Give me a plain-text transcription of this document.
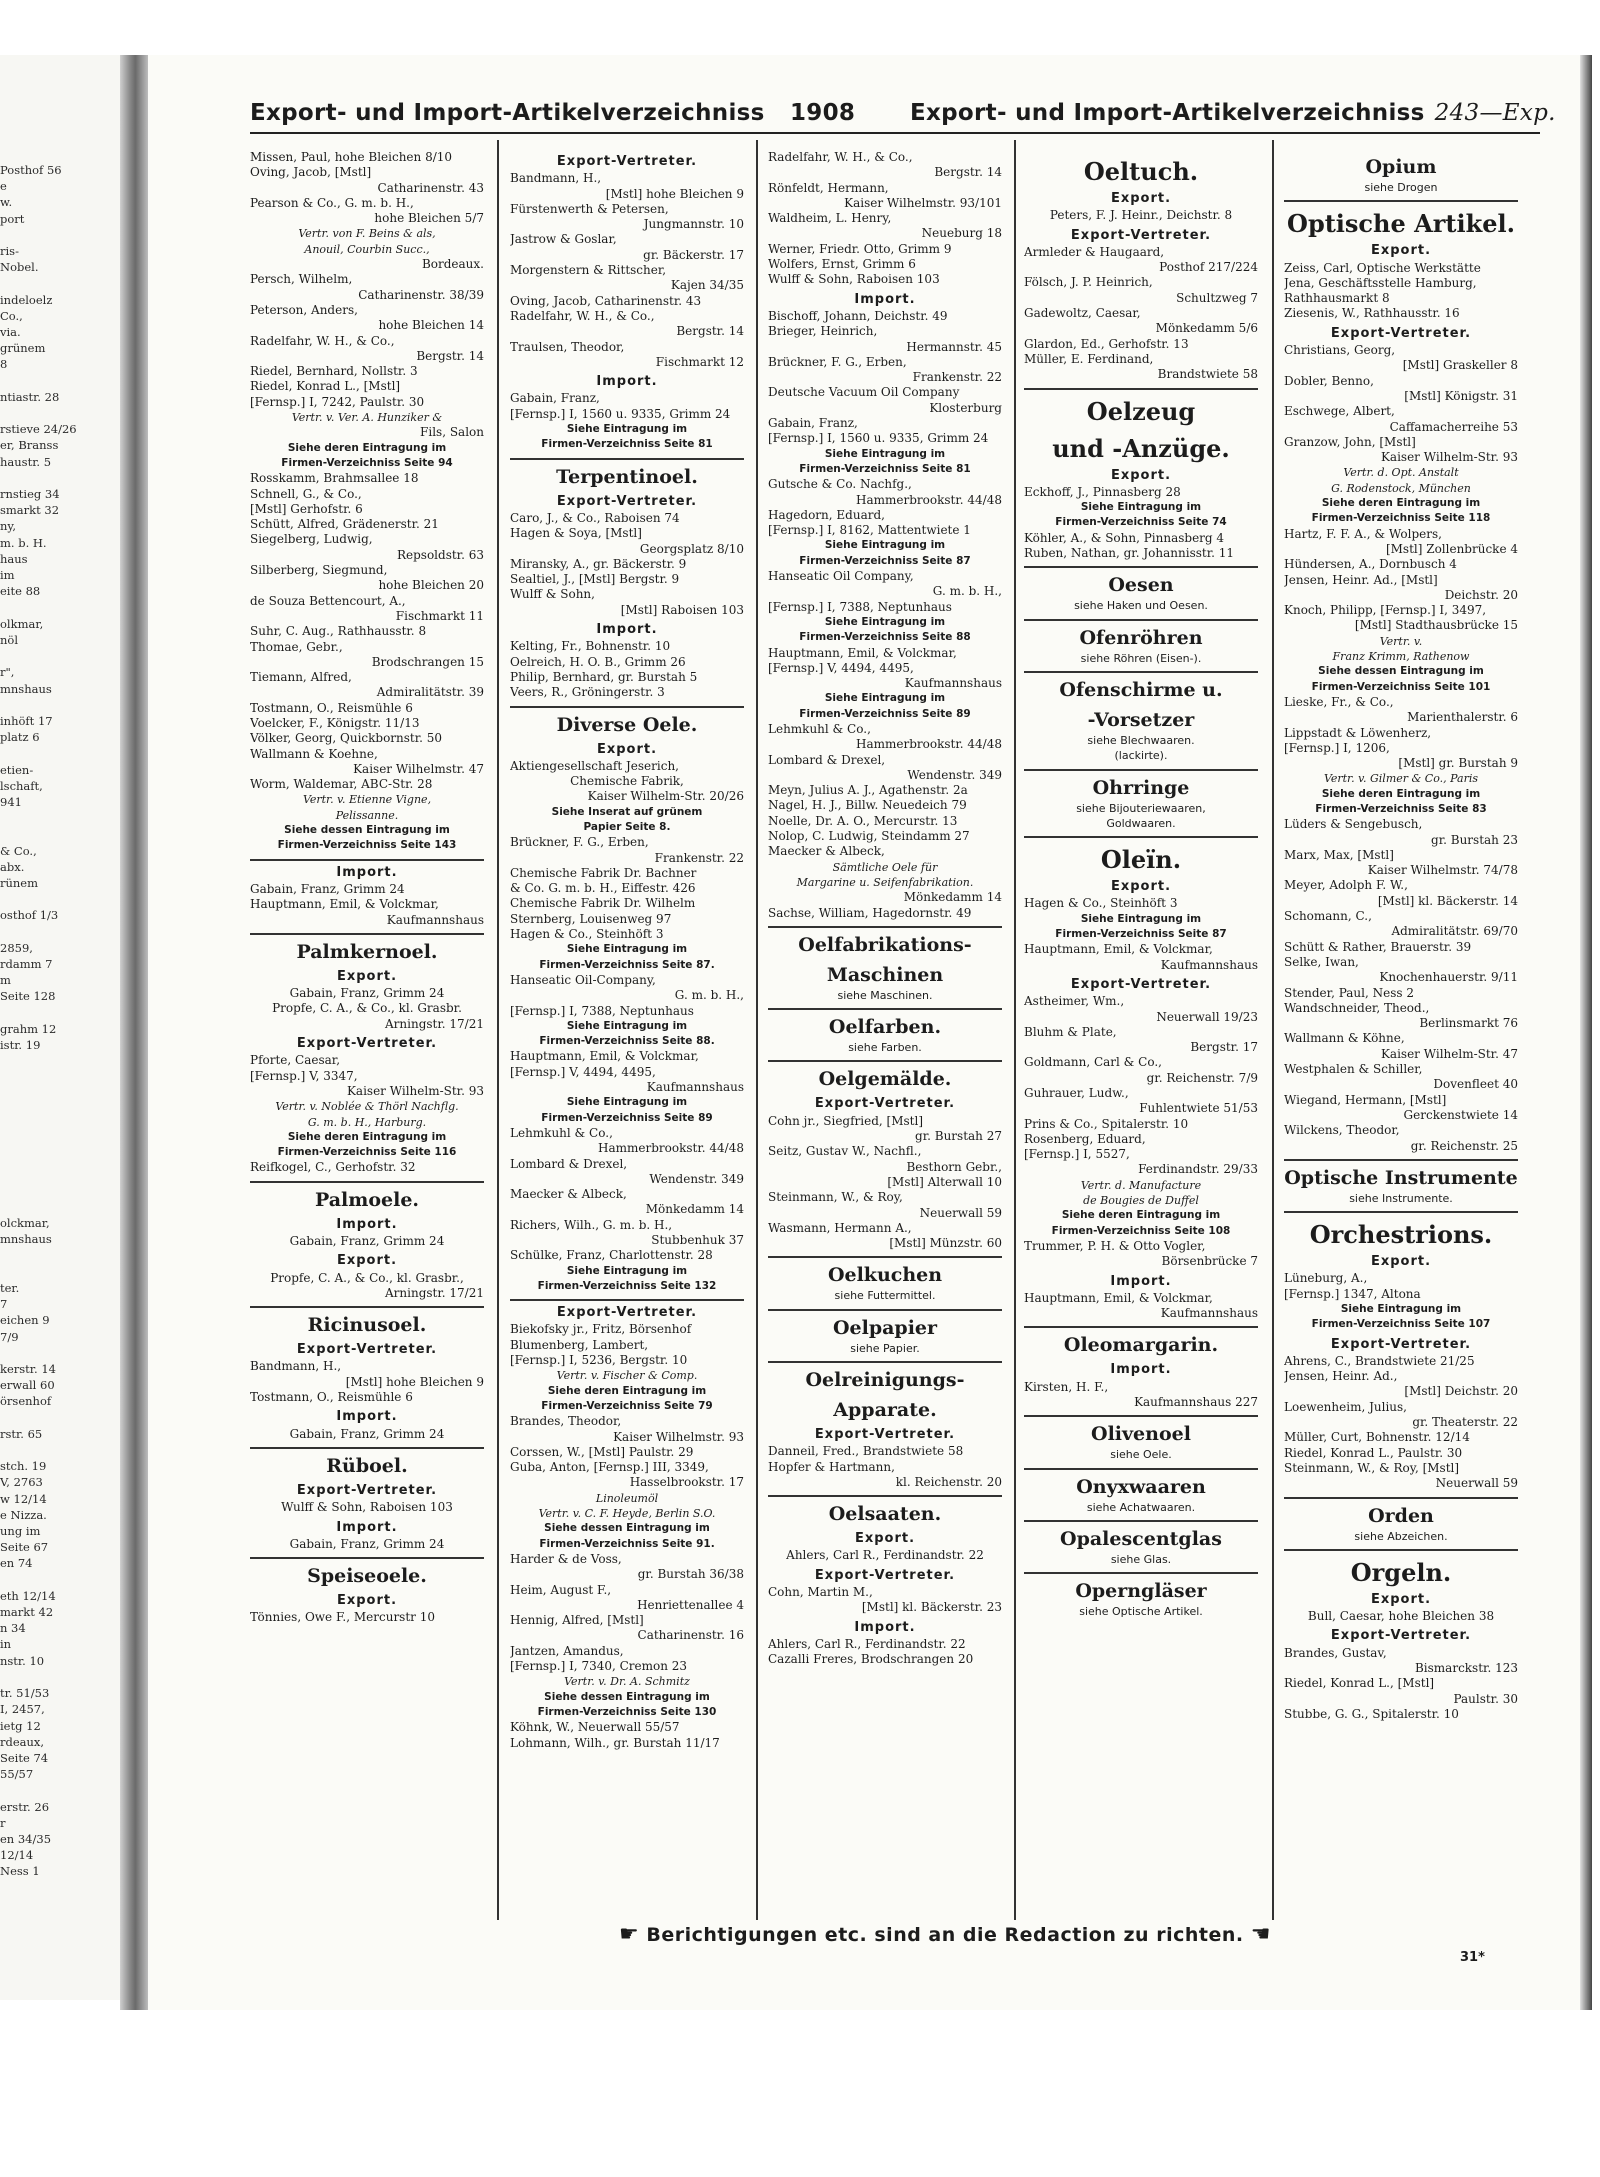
Posthof 56
e
w.
port

ris-
Nobel.

indeloelz
Co.,
via.
grünem
8

ntiastr. 28

rstieve 24/26
er, Branss
haustr. 5

rnstieg 34
smarkt 32
ny,
m. b. H.
haus
im
eite 88

olkmar,
nöl

r",
mnshaus

inhöft 17
platz 6

etien-
lschaft,
941

& Co.,
abx.
rünem

osthof 1/3

2859,
rdamm 7
m
Seite 128

grahm 12
istr. 19

olckmar,
mnshaus

ter.
7
eichen 9
7/9

kerstr. 14
erwall 60
örsenhof

rstr. 65

stch. 19
V, 2763
w 12/14
e Nizza.
ung im
Seite 67
en 74

eth 12/14
markt 42
n 34
in
nstr. 10

tr. 51/53
I, 2457,
ietg 12
rdeaux,
Seite 74
55/57

erstr. 26
r
en 34/35
12/14
Ness 1
Export- und Import-Artikelverzeichniss 1908 Export- und Import-Artikelverzeichniss 243—Exp.
Missen, Paul, hohe Bleichen 8/10
Oving, Jacob, [Mstl]
Catharinenstr. 43
Pearson & Co., G. m. b. H.,
hohe Bleichen 5/7
Vertr. von F. Beins & als,
Anouil, Courbin Succ.,
Bordeaux.
Persch, Wilhelm,
Catharinenstr. 38/39
Peterson, Anders,
hohe Bleichen 14
Radelfahr, W. H., & Co.,
Bergstr. 14
Riedel, Bernhard, Nollstr. 3
Riedel, Konrad L., [Mstl]
[Fernsp.] I, 7242, Paulstr. 30
Vertr. v. Ver. A. Hunziker &
Fils, Salon
Siehe deren Eintragung im
Firmen-Verzeichniss Seite 94
Rosskamm, Brahmsallee 18
Schnell, G., & Co.,
[Mstl] Gerhofstr. 6
Schütt, Alfred, Grädenerstr. 21
Siegelberg, Ludwig,
Repsoldstr. 63
Silberberg, Siegmund,
hohe Bleichen 20
de Souza Bettencourt, A.,
Fischmarkt 11
Suhr, C. Aug., Rathhausstr. 8
Thomae, Gebr.,
Brodschrangen 15
Tiemann, Alfred,
Admiralitätstr. 39
Tostmann, O., Reismühle 6
Voelcker, F., Königstr. 11/13
Völker, Georg, Quickbornstr. 50
Wallmann & Koehne,
Kaiser Wilhelmstr. 47
Worm, Waldemar, ABC-Str. 28
Vertr. v. Etienne Vigne,
Pelissanne.
Siehe dessen Eintragung im
Firmen-Verzeichniss Seite 143
Import.
Gabain, Franz, Grimm 24
Hauptmann, Emil, & Volckmar,
Kaufmannshaus
Palmkernoel.
Export.
Gabain, Franz, Grimm 24
Propfe, C. A., & Co., kl. Grasbr.
Arningstr. 17/21
Export-Vertreter.
Pforte, Caesar,
[Fernsp.] V, 3347,
Kaiser Wilhelm-Str. 93
Vertr. v. Noblée & Thörl Nachflg.
G. m. b. H., Harburg.
Siehe deren Eintragung im
Firmen-Verzeichniss Seite 116
Reifkogel, C., Gerhofstr. 32
Palmoele.
Import.
Gabain, Franz, Grimm 24
Export.
Propfe, C. A., & Co., kl. Grasbr.,
Arningstr. 17/21
Ricinusoel.
Export-Vertreter.
Bandmann, H.,
[Mstl] hohe Bleichen 9
Tostmann, O., Reismühle 6
Import.
Gabain, Franz, Grimm 24
Rüboel.
Export-Vertreter.
Wulff & Sohn, Raboisen 103
Import.
Gabain, Franz, Grimm 24
Speiseoele.
Export.
Tönnies, Owe F., Mercurstr 10
Export-Vertreter.
Bandmann, H.,
[Mstl] hohe Bleichen 9
Fürstenwerth & Petersen,
Jungmannstr. 10
Jastrow & Goslar,
gr. Bäckerstr. 17
Morgenstern & Rittscher,
Kajen 34/35
Oving, Jacob, Catharinenstr. 43
Radelfahr, W. H., & Co.,
Bergstr. 14
Traulsen, Theodor,
Fischmarkt 12
Import.
Gabain, Franz,
[Fernsp.] I, 1560 u. 9335, Grimm 24
Siehe Eintragung im
Firmen-Verzeichniss Seite 81
Terpentinoel.
Export-Vertreter.
Caro, J., & Co., Raboisen 74
Hagen & Soya, [Mstl]
Georgsplatz 8/10
Miransky, A., gr. Bäckerstr. 9
Sealtiel, J., [Mstl] Bergstr. 9
Wulff & Sohn,
[Mstl] Raboisen 103
Import.
Kelting, Fr., Bohnenstr. 10
Oelreich, H. O. B., Grimm 26
Philip, Bernhard, gr. Burstah 5
Veers, R., Gröningerstr. 3
Diverse Oele.
Export.
Aktiengesellschaft Jeserich,
Chemische Fabrik,
Kaiser Wilhelm-Str. 20/26
Siehe Inserat auf grünem
Papier Seite 8.
Brückner, F. G., Erben,
Frankenstr. 22
Chemische Fabrik Dr. Bachner
& Co. G. m. b. H., Eiffestr. 426
Chemische Fabrik Dr. Wilhelm
Sternberg, Louisenweg 97
Hagen & Co., Steinhöft 3
Siehe Eintragung im
Firmen-Verzeichniss Seite 87.
Hanseatic Oil-Company,
G. m. b. H.,
[Fernsp.] I, 7388, Neptunhaus
Siehe Eintragung im
Firmen-Verzeichniss Seite 88.
Hauptmann, Emil, & Volckmar,
[Fernsp.] V, 4494, 4495,
Kaufmannshaus
Siehe Eintragung im
Firmen-Verzeichniss Seite 89
Lehmkuhl & Co.,
Hammerbrookstr. 44/48
Lombard & Drexel,
Wendenstr. 349
Maecker & Albeck,
Mönkedamm 14
Richers, Wilh., G. m. b. H.,
Stubbenhuk 37
Schülke, Franz, Charlottenstr. 28
Siehe Eintragung im
Firmen-Verzeichniss Seite 132
Export-Vertreter.
Biekofsky jr., Fritz, Börsenhof
Blumenberg, Lambert,
[Fernsp.] I, 5236, Bergstr. 10
Vertr. v. Fischer & Comp.
Siehe deren Eintragung im
Firmen-Verzeichniss Seite 79
Brandes, Theodor,
Kaiser Wilhelmstr. 93
Corssen, W., [Mstl] Paulstr. 29
Guba, Anton, [Fernsp.] III, 3349,
Hasselbrookstr. 17
Linoleumöl
Vertr. v. C. F. Heyde, Berlin S.O.
Siehe dessen Eintragung im
Firmen-Verzeichniss Seite 91.
Harder & de Voss,
gr. Burstah 36/38
Heim, August F.,
Henriettenallee 4
Hennig, Alfred, [Mstl]
Catharinenstr. 16
Jantzen, Amandus,
[Fernsp.] I, 7340, Cremon 23
Vertr. v. Dr. A. Schmitz
Siehe dessen Eintragung im
Firmen-Verzeichniss Seite 130
Köhnk, W., Neuerwall 55/57
Lohmann, Wilh., gr. Burstah 11/17
Radelfahr, W. H., & Co.,
Bergstr. 14
Rönfeldt, Hermann,
Kaiser Wilhelmstr. 93/101
Waldheim, L. Henry,
Neueburg 18
Werner, Friedr. Otto, Grimm 9
Wolfers, Ernst, Grimm 6
Wulff & Sohn, Raboisen 103
Import.
Bischoff, Johann, Deichstr. 49
Brieger, Heinrich,
Hermannstr. 45
Brückner, F. G., Erben,
Frankenstr. 22
Deutsche Vacuum Oil Company
Klosterburg
Gabain, Franz,
[Fernsp.] I, 1560 u. 9335, Grimm 24
Siehe Eintragung im
Firmen-Verzeichniss Seite 81
Gutsche & Co. Nachfg.,
Hammerbrookstr. 44/48
Hagedorn, Eduard,
[Fernsp.] I, 8162, Mattentwiete 1
Siehe Eintragung im
Firmen-Verzeichniss Seite 87
Hanseatic Oil Company,
G. m. b. H.,
[Fernsp.] I, 7388, Neptunhaus
Siehe Eintragung im
Firmen-Verzeichniss Seite 88
Hauptmann, Emil, & Volckmar,
[Fernsp.] V, 4494, 4495,
Kaufmannshaus
Siehe Eintragung im
Firmen-Verzeichniss Seite 89
Lehmkuhl & Co.,
Hammerbrookstr. 44/48
Lombard & Drexel,
Wendenstr. 349
Meyn, Julius A. J., Agathenstr. 2a
Nagel, H. J., Billw. Neuedeich 79
Noelle, Dr. A. O., Mercurstr. 13
Nolop, C. Ludwig, Steindamm 27
Maecker & Albeck,
Sämtliche Oele für
Margarine u. Seifenfabrikation.
Mönkedamm 14
Sachse, William, Hagedornstr. 49
Oelfabrikations-
Maschinen
siehe Maschinen.
Oelfarben.
siehe Farben.
Oelgemälde.
Export-Vertreter.
Cohn jr., Siegfried, [Mstl]
gr. Burstah 27
Seitz, Gustav W., Nachfl.,
Besthorn Gebr.,
[Mstl] Alterwall 10
Steinmann, W., & Roy,
Neuerwall 59
Wasmann, Hermann A.,
[Mstl] Münzstr. 60
Oelkuchen
siehe Futtermittel.
Oelpapier
siehe Papier.
Oelreinigungs-
Apparate.
Export-Vertreter.
Danneil, Fred., Brandstwiete 58
Hopfer & Hartmann,
kl. Reichenstr. 20
Oelsaaten.
Export.
Ahlers, Carl R., Ferdinandstr. 22
Export-Vertreter.
Cohn, Martin M.,
[Mstl] kl. Bäckerstr. 23
Import.
Ahlers, Carl R., Ferdinandstr. 22
Cazalli Freres, Brodschrangen 20
Oeltuch.
Export.
Peters, F. J. Heinr., Deichstr. 8
Export-Vertreter.
Armleder & Haugaard,
Posthof 217/224
Fölsch, J. P. Heinrich,
Schultzweg 7
Gadewoltz, Caesar,
Mönkedamm 5/6
Glardon, Ed., Gerhofstr. 13
Müller, E. Ferdinand,
Brandstwiete 58
Oelzeug
und -Anzüge.
Export.
Eckhoff, J., Pinnasberg 28
Siehe Eintragung im
Firmen-Verzeichniss Seite 74
Köhler, A., & Sohn, Pinnasberg 4
Ruben, Nathan, gr. Johannisstr. 11
Oesen
siehe Haken und Oesen.
Ofenröhren
siehe Röhren (Eisen-).
Ofenschirme u.
-Vorsetzer
siehe Blechwaaren.
(lackirte).
Ohrringe
siehe Bijouteriewaaren,
Goldwaaren.
Oleïn.
Export.
Hagen & Co., Steinhöft 3
Siehe Eintragung im
Firmen-Verzeichniss Seite 87
Hauptmann, Emil, & Volckmar,
Kaufmannshaus
Export-Vertreter.
Astheimer, Wm.,
Neuerwall 19/23
Bluhm & Plate,
Bergstr. 17
Goldmann, Carl & Co.,
gr. Reichenstr. 7/9
Guhrauer, Ludw.,
Fuhlentwiete 51/53
Prins & Co., Spitalerstr. 10
Rosenberg, Eduard,
[Fernsp.] I, 5527,
Ferdinandstr. 29/33
Vertr. d. Manufacture
de Bougies de Duffel
Siehe deren Eintragung im
Firmen-Verzeichniss Seite 108
Trummer, P. H. & Otto Vogler,
Börsenbrücke 7
Import.
Hauptmann, Emil, & Volckmar,
Kaufmannshaus
Oleomargarin.
Import.
Kirsten, H. F.,
Kaufmannshaus 227
Olivenoel
siehe Oele.
Onyxwaaren
siehe Achatwaaren.
Opalescentglas
siehe Glas.
Operngläser
siehe Optische Artikel.
Opium
siehe Drogen
Optische Artikel.
Export.
Zeiss, Carl, Optische Werkstätte
Jena, Geschäftsstelle Hamburg,
Rathhausmarkt 8
Ziesenis, W., Rathhausstr. 16
Export-Vertreter.
Christians, Georg,
[Mstl] Graskeller 8
Dobler, Benno,
[Mstl] Königstr. 31
Eschwege, Albert,
Caffamacherreihe 53
Granzow, John, [Mstl]
Kaiser Wilhelm-Str. 93
Vertr. d. Opt. Anstalt
G. Rodenstock, München
Siehe deren Eintragung im
Firmen-Verzeichniss Seite 118
Hartz, F. F. A., & Wolpers,
[Mstl] Zollenbrücke 4
Hündersen, A., Dornbusch 4
Jensen, Heinr. Ad., [Mstl]
Deichstr. 20
Knoch, Philipp, [Fernsp.] I, 3497,
[Mstl] Stadthausbrücke 15
Vertr. v.
Franz Krimm, Rathenow
Siehe dessen Eintragung im
Firmen-Verzeichniss Seite 101
Lieske, Fr., & Co.,
Marienthalerstr. 6
Lippstadt & Löwenherz,
[Fernsp.] I, 1206,
[Mstl] gr. Burstah 9
Vertr. v. Gilmer & Co., Paris
Siehe deren Eintragung im
Firmen-Verzeichniss Seite 83
Lüders & Sengebusch,
gr. Burstah 23
Marx, Max, [Mstl]
Kaiser Wilhelmstr. 74/78
Meyer, Adolph F. W.,
[Mstl] kl. Bäckerstr. 14
Schomann, C.,
Admiralitätstr. 69/70
Schütt & Rather, Brauerstr. 39
Selke, Iwan,
Knochenhauerstr. 9/11
Stender, Paul, Ness 2
Wandschneider, Theod.,
Berlinsmarkt 76
Wallmann & Köhne,
Kaiser Wilhelm-Str. 47
Westphalen & Schiller,
Dovenfleet 40
Wiegand, Hermann, [Mstl]
Gerckenstwiete 14
Wilckens, Theodor,
gr. Reichenstr. 25
Optische Instrumente
siehe Instrumente.
Orchestrions.
Export.
Lüneburg, A.,
[Fernsp.] 1347, Altona
Siehe Eintragung im
Firmen-Verzeichniss Seite 107
Export-Vertreter.
Ahrens, C., Brandstwiete 21/25
Jensen, Heinr. Ad.,
[Mstl] Deichstr. 20
Loewenheim, Julius,
gr. Theaterstr. 22
Müller, Curt, Bohnenstr. 12/14
Riedel, Konrad L., Paulstr. 30
Steinmann, W., & Roy, [Mstl]
Neuerwall 59
Orden
siehe Abzeichen.
Orgeln.
Export.
Bull, Caesar, hohe Bleichen 38
Export-Vertreter.
Brandes, Gustav,
Bismarckstr. 123
Riedel, Konrad L., [Mstl]
Paulstr. 30
Stubbe, G. G., Spitalerstr. 10
☛ Berichtigungen etc. sind an die Redaction zu richten. ☚
31*
